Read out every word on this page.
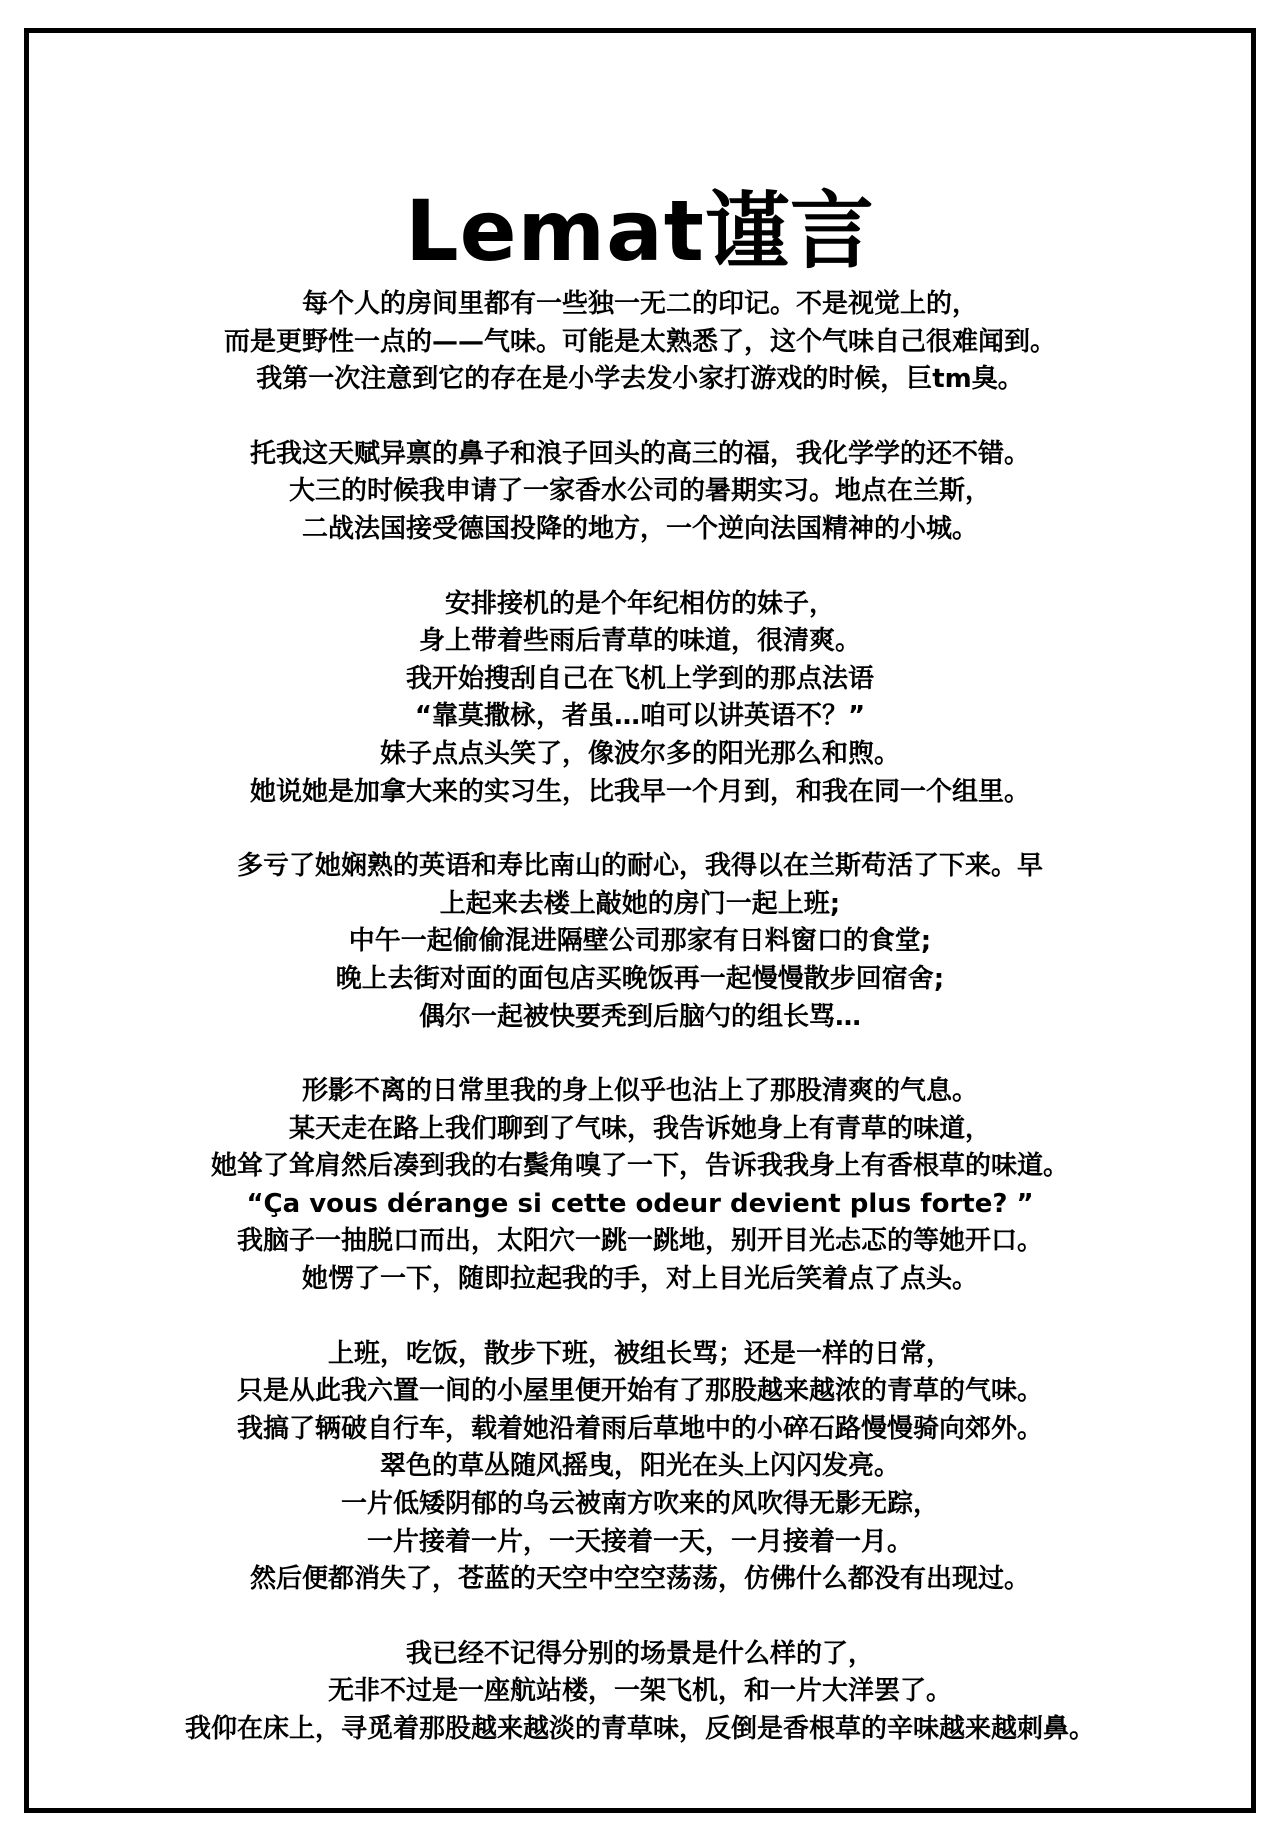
Lemat谨言
每个人的房间里都有一些独一无二的印记。不是视觉上的，
而是更野性一点的——气味。可能是太熟悉了，这个气味自己很难闻到。
我第一次注意到它的存在是小学去发小家打游戏的时候，巨tm臭。
托我这天赋异禀的鼻子和浪子回头的高三的福，我化学学的还不错。
大三的时候我申请了一家香水公司的暑期实习。地点在兰斯，
二战法国接受德国投降的地方，一个逆向法国精神的小城。
安排接机的是个年纪相仿的妹子，
身上带着些雨后青草的味道，很清爽。
我开始搜刮自己在飞机上学到的那点法语
“靠莫撒栐，者虽…咱可以讲英语不？”
妹子点点头笑了，像波尔多的阳光那么和煦。
她说她是加拿大来的实习生，比我早一个月到，和我在同一个组里。
多亏了她娴熟的英语和寿比南山的耐心，我得以在兰斯苟活了下来。早
上起来去楼上敲她的房门一起上班;
中午一起偷偷混进隔壁公司那家有日料窗口的食堂;
晚上去街对面的面包店买晚饭再一起慢慢散步回宿舍;
偶尔一起被快要秃到后脑勺的组长骂…
形影不离的日常里我的身上似乎也沾上了那股清爽的气息。
某天走在路上我们聊到了气味，我告诉她身上有青草的味道，
她耸了耸肩然后凑到我的右鬓角嗅了一下，告诉我我身上有香根草的味道。
“Ça vous dérange si cette odeur devient plus forte? ”
我脑子一抽脱口而出，太阳穴一跳一跳地，别开目光忐忑的等她开口。
她愣了一下，随即拉起我的手，对上目光后笑着点了点头。
上班，吃饭，散步下班，被组长骂；还是一样的日常，
只是从此我六置一间的小屋里便开始有了那股越来越浓的青草的气味。
我搞了辆破自行车，载着她沿着雨后草地中的小碎石路慢慢骑向郊外。
翠色的草丛随风摇曳，阳光在头上闪闪发亮。
一片低矮阴郁的乌云被南方吹来的风吹得无影无踪，
一片接着一片，一天接着一天，一月接着一月。
然后便都消失了，苍蓝的天空中空空荡荡，仿佛什么都没有出现过。
我已经不记得分别的场景是什么样的了，
无非不过是一座航站楼，一架飞机，和一片大洋罢了。
我仰在床上，寻觅着那股越来越淡的青草味，反倒是香根草的辛味越来越刺鼻。
